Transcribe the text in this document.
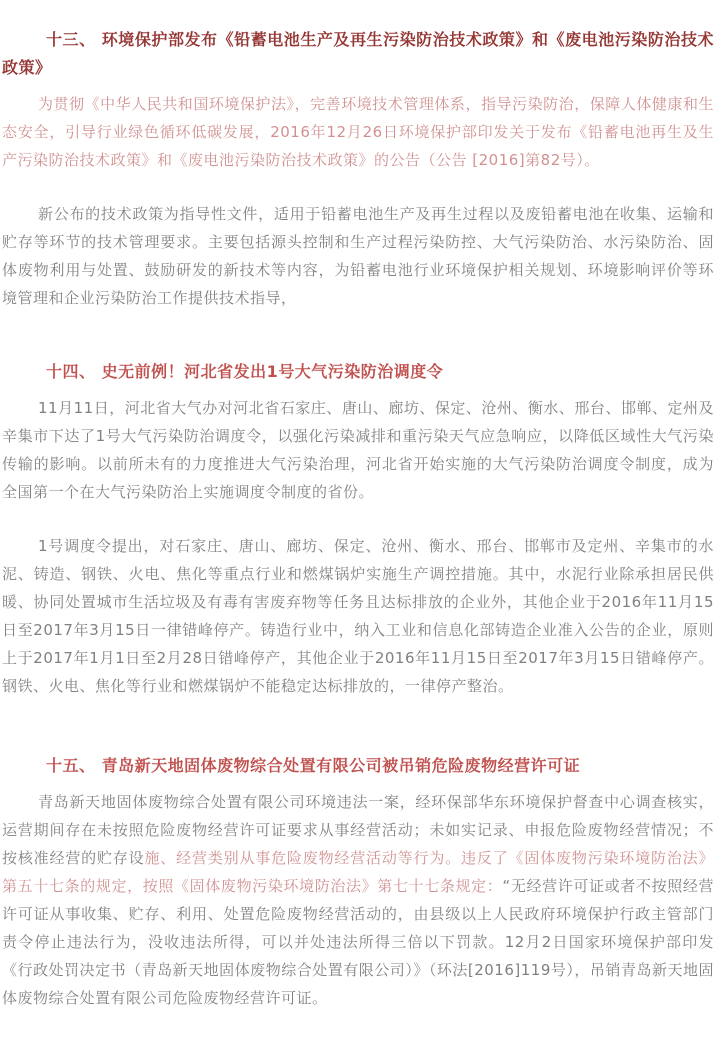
十三、 环境保护部发布《铅蓄电池生产及再生污染防治技术政策》和《废电池污染防治技术政策》

为贯彻《中华人民共和国环境保护法》，完善环境技术管理体系，指导污染防治，保障人体健康和生态安全，引导行业绿色循环低碳发展，2016年12月26日环境保护部印发关于发布《铅蓄电池再生及生产污染防治技术政策》和《废电池污染防治技术政策》的公告（公告 [2016]第82号）。

新公布的技术政策为指导性文件，适用于铅蓄电池生产及再生过程以及废铅蓄电池在收集、运输和贮存等环节的技术管理要求。主要包括源头控制和生产过程污染防控、大气污染防治、水污染防治、固体废物利用与处置、鼓励研发的新技术等内容，为铅蓄电池行业环境保护相关规划、环境影响评价等环境管理和企业污染防治工作提供技术指导，

十四、 史无前例！河北省发出1号大气污染防治调度令

11月11日，河北省大气办对河北省石家庄、唐山、廊坊、保定、沧州、衡水、邢台、邯郸、定州及辛集市下达了1号大气污染防治调度令，以强化污染减排和重污染天气应急响应，以降低区域性大气污染传输的影响。以前所未有的力度推进大气污染治理，河北省开始实施的大气污染防治调度令制度，成为全国第一个在大气污染防治上实施调度令制度的省份。

1号调度令提出，对石家庄、唐山、廊坊、保定、沧州、衡水、邢台、邯郸市及定州、辛集市的水泥、铸造、钢铁、火电、焦化等重点行业和燃煤锅炉实施生产调控措施。其中，水泥行业除承担居民供暖、协同处置城市生活垃圾及有毒有害废弃物等任务且达标排放的企业外，其他企业于2016年11月15日至2017年3月15日一律错峰停产。铸造行业中，纳入工业和信息化部铸造企业准入公告的企业，原则上于2017年1月1日至2月28日错峰停产，其他企业于2016年11月15日至2017年3月15日错峰停产。钢铁、火电、焦化等行业和燃煤锅炉不能稳定达标排放的，一律停产整治。

十五、 青岛新天地固体废物综合处置有限公司被吊销危险废物经营许可证

青岛新天地固体废物综合处置有限公司环境违法一案，经环保部华东环境保护督查中心调查核实，运营期间存在未按照危险废物经营许可证要求从事经营活动；未如实记录、申报危险废物经营情况；不按核准经营的贮存设施、经营类别从事危险废物经营活动等行为。违反了《固体废物污染环境防治法》第五十七条的规定，按照《固体废物污染环境防治法》第七十七条规定：“无经营许可证或者不按照经营许可证从事收集、贮存、利用、处置危险废物经营活动的，由县级以上人民政府环境保护行政主管部门责令停止违法行为，没收违法所得，可以并处违法所得三倍以下罚款。12月2日国家环境保护部印发《行政处罚决定书（青岛新天地固体废物综合处置有限公司）》（环法[2016]119号），吊销青岛新天地固体废物综合处置有限公司危险废物经营许可证。
